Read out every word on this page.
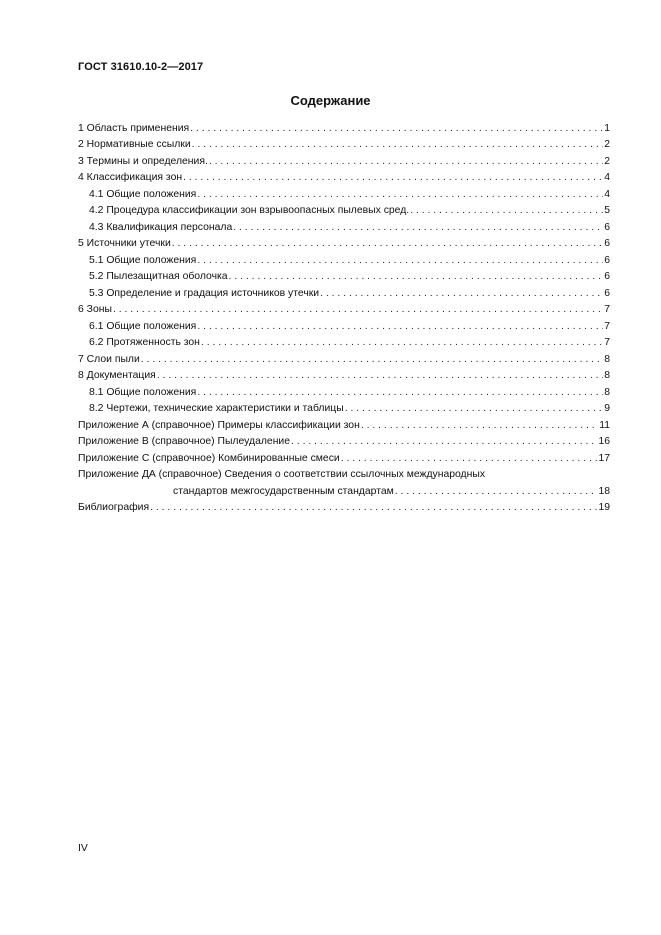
ГОСТ 31610.10-2—2017
Содержание
1 Область применения . . .	1
2 Нормативные ссылки . . .	2
3 Термины и определения. . . .	2
4 Классификация зон . . .	4
4.1 Общие положения . . .	4
4.2 Процедура классификации зон взрывоопасных пылевых сред. . . .	5
4.3 Квалификация персонала . . .	6
5 Источники утечки . . .	6
5.1 Общие положения . . .	6
5.2 Пылезащитная оболочка . . .	6
5.3 Определение и градация источников утечки . . .	6
6 Зоны . . .	7
6.1 Общие положения . . .	7
6.2 Протяженность зон . . .	7
7 Слои пыли . . .	8
8 Документация . . .	8
8.1 Общие положения . . .	8
8.2 Чертежи, технические характеристики и таблицы . . .	9
Приложение А (справочное) Примеры классификации зон . . .	11
Приложение В (справочное) Пылеудаление . . .	16
Приложение С (справочное) Комбинированные смеси . . .	17
Приложение ДА (справочное) Сведения о соответствии ссылочных международных
стандартов межгосударственным стандартам . . .	18
Библиография . . .	19
IV
